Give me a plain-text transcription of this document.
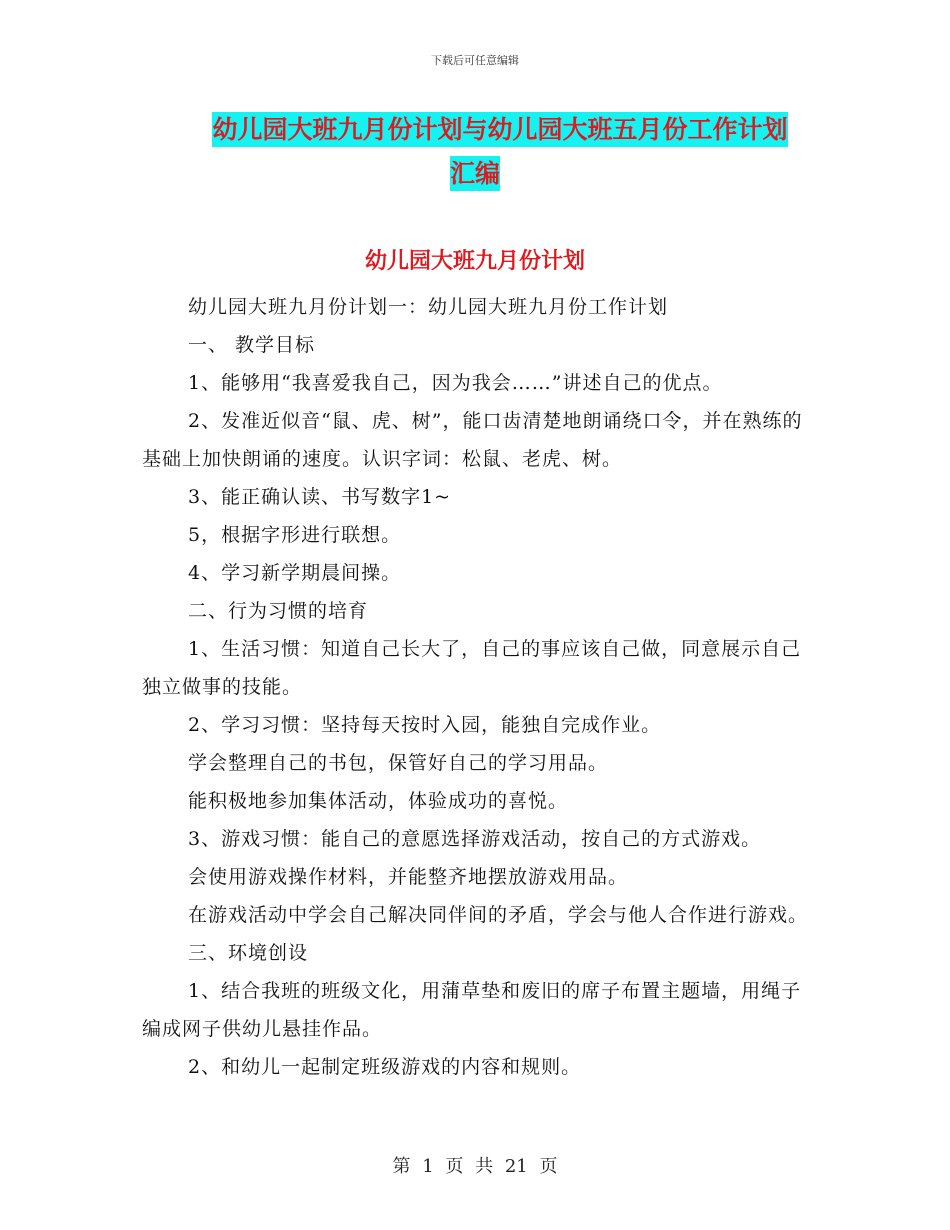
下载后可任意编辑
幼儿园大班九月份计划与幼儿园大班五月份工作计划
汇编
幼儿园大班九月份计划

幼儿园大班九月份计划一：幼儿园大班九月份工作计划

一、 教学目标

1、能够用“我喜爱我自己，因为我会……”讲述自己的优点。

2、发准近似音“鼠、虎、树”，能口齿清楚地朗诵绕口令，并在熟练的基础上加快朗诵的速度。认识字词：松鼠、老虎、树。

3、能正确认读、书写数字1~

5，根据字形进行联想。

4、学习新学期晨间操。

二、行为习惯的培育

1、生活习惯：知道自己长大了，自己的事应该自己做，同意展示自己独立做事的技能。

2、学习习惯：坚持每天按时入园，能独自完成作业。

学会整理自己的书包，保管好自己的学习用品。

能积极地参加集体活动，体验成功的喜悦。

3、游戏习惯：能自己的意愿选择游戏活动，按自己的方式游戏。

会使用游戏操作材料，并能整齐地摆放游戏用品。

在游戏活动中学会自己解决同伴间的矛盾，学会与他人合作进行游戏。

三、环境创设

1、结合我班的班级文化，用蒲草垫和废旧的席子布置主题墙，用绳子编成网子供幼儿悬挂作品。

2、和幼儿一起制定班级游戏的内容和规则。

第 1 页 共 21 页
